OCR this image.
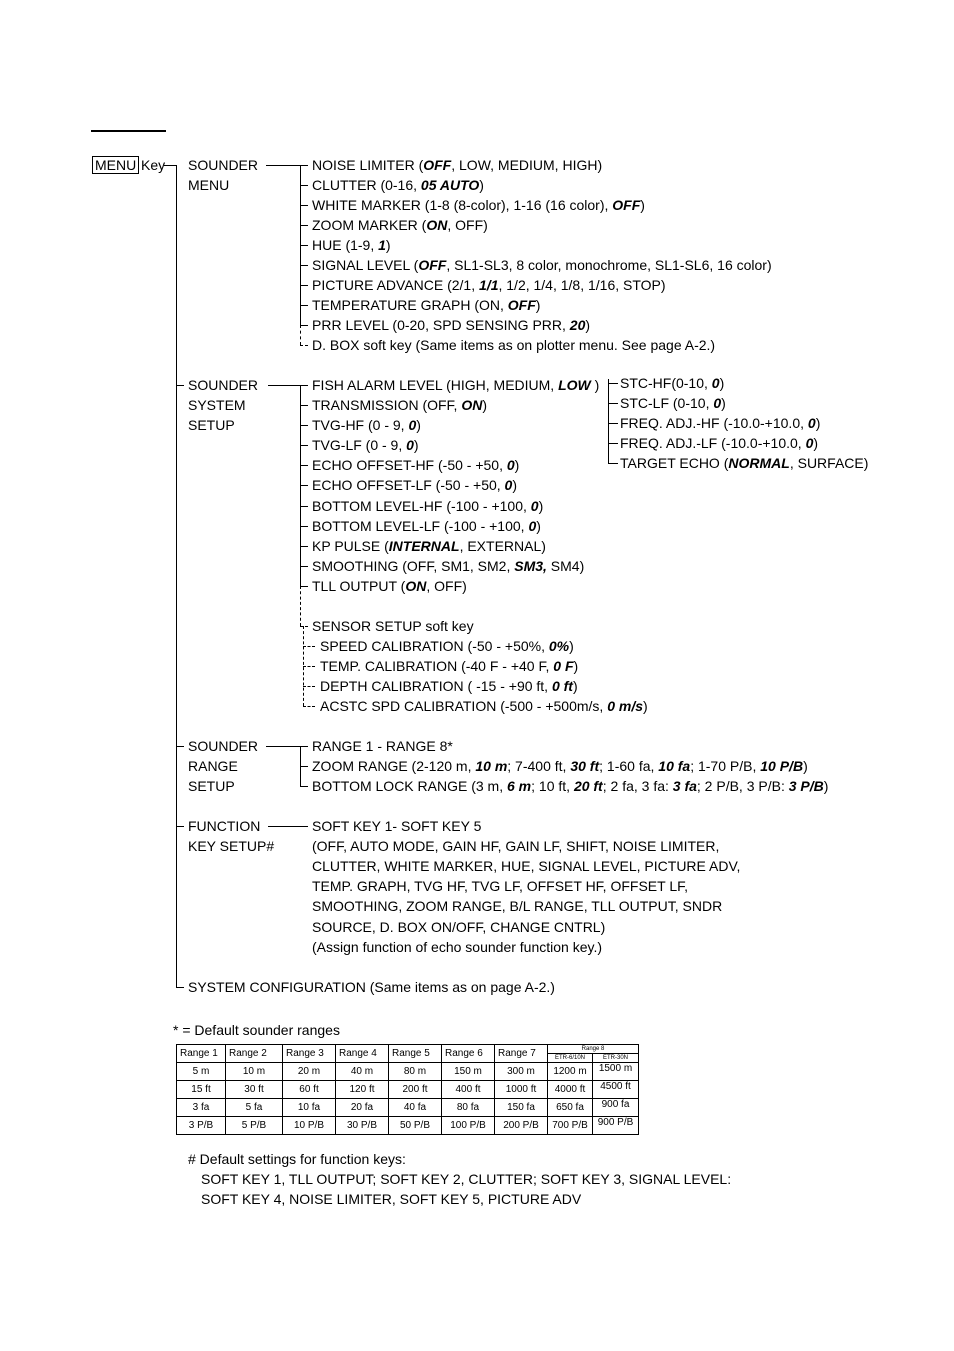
MENU Key SOUNDER
MENU
SOUNDER
SYSTEM
SETUP
SOUNDER
RANGE
SETUP
FUNCTION
KEY SETUP#
SYSTEM CONFIGURATION (Same items as on page A-2.)
NOISE LIMITER (OFF, LOW, MEDIUM, HIGH)
CLUTTER (0-16, 05 AUTO)
WHITE MARKER (1-8 (8-color), 1-16 (16 color), OFF)
ZOOM MARKER (ON, OFF)
HUE (1-9, 1)
SIGNAL LEVEL (OFF, SL1-SL3, 8 color, monochrome, SL1-SL6, 16 color)
PICTURE ADVANCE (2/1, 1/1, 1/2, 1/4, 1/8, 1/16, STOP)
TEMPERATURE GRAPH (ON, OFF)
PRR LEVEL (0-20, SPD SENSING PRR, 20)
D. BOX soft key (Same items as on plotter menu. See page A-2.)
FISH ALARM LEVEL (HIGH, MEDIUM, LOW )
TRANSMISSION (OFF, ON)
TVG-HF (0 - 9, 0)
TVG-LF (0 - 9, 0)
ECHO OFFSET-HF (-50 - +50, 0)
ECHO OFFSET-LF (-50 - +50, 0)
BOTTOM LEVEL-HF (-100 - +100, 0)
BOTTOM LEVEL-LF (-100 - +100, 0)
KP PULSE (INTERNAL, EXTERNAL)
SMOOTHING (OFF, SM1, SM2, SM3, SM4)
TLL OUTPUT (ON, OFF)
STC-HF(0-10, 0)
STC-LF (0-10, 0)
FREQ. ADJ.-HF (-10.0-+10.0, 0)
FREQ. ADJ.-LF (-10.0-+10.0, 0)
TARGET ECHO (NORMAL, SURFACE)
SENSOR SETUP soft key
SPEED CALIBRATION (-50 - +50%, 0%)
TEMP. CALIBRATION (-40 F - +40 F, 0 F)
DEPTH CALIBRATION ( -15 - +90 ft, 0 ft)
ACSTC SPD CALIBRATION (-500 - +500m/s, 0 m/s)
RANGE 1 - RANGE 8*
ZOOM RANGE (2-120 m, 10 m; 7-400 ft, 30 ft; 1-60 fa, 10 fa; 1-70 P/B, 10 P/B)
BOTTOM LOCK RANGE (3 m, 6 m; 10 ft, 20 ft; 2 fa, 3 fa: 3 fa; 2 P/B, 3 P/B: 3 P/B)
SOFT KEY 1- SOFT KEY 5
(OFF, AUTO MODE, GAIN HF, GAIN LF, SHIFT, NOISE LIMITER,
CLUTTER, WHITE MARKER, HUE, SIGNAL LEVEL, PICTURE ADV,
TEMP. GRAPH, TVG HF, TVG LF, OFFSET HF, OFFSET LF,
SMOOTHING, ZOOM RANGE, B/L RANGE, TLL OUTPUT, SNDR
SOURCE, D. BOX ON/OFF, CHANGE CNTRL)
(Assign function of echo sounder function key.)
* = Default sounder ranges
Range 1	Range 2	Range 3	Range 4	Range 5	Range 6	Range 7	Range 8
ETR-6/10N ETR-30N

5 m	10 m	20 m	40 m	80 m	150 m	300 m	1200 m 1500 m

15 ft	30 ft	60 ft	120 ft	200 ft	400 ft	1000 ft	4000 ft 4500 ft

3 fa	5 fa	10 fa	20 fa	40 fa	80 fa	150 fa	650 fa 900 fa

3 P/B	5 P/B	10 P/B	30 P/B	50 P/B	100 P/B	200 P/B	700 P/B 900 P/B
# Default settings for function keys:
SOFT KEY 1, TLL OUTPUT; SOFT KEY 2, CLUTTER; SOFT KEY 3, SIGNAL LEVEL:
SOFT KEY 4, NOISE LIMITER, SOFT KEY 5, PICTURE ADV
